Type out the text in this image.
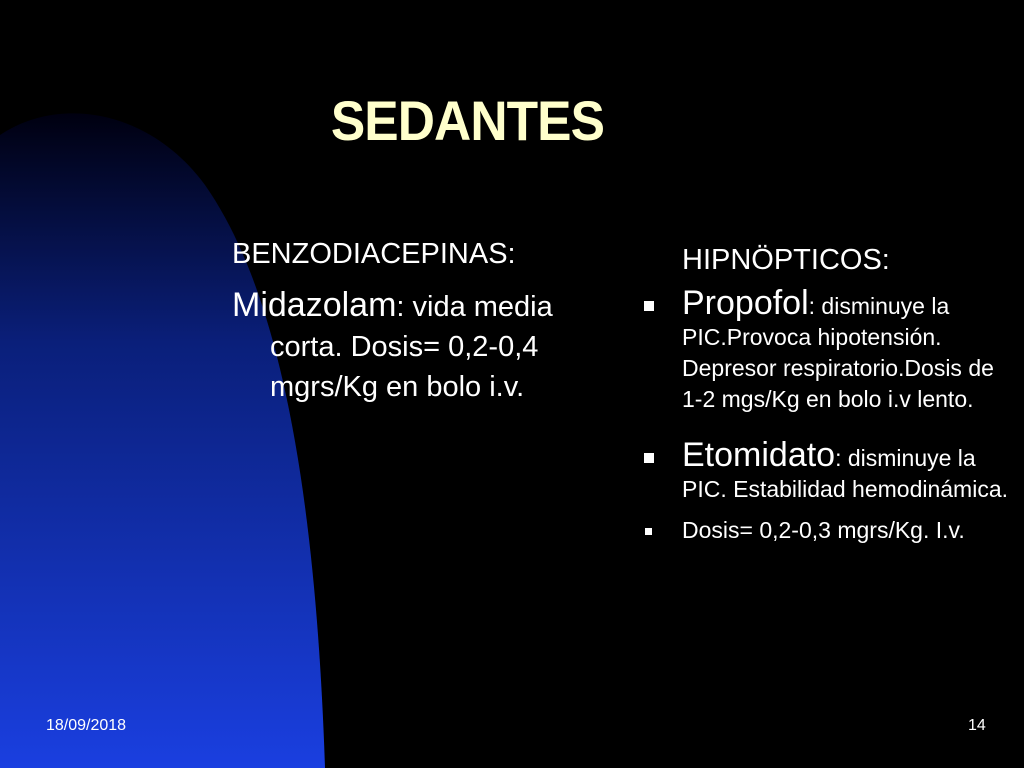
SEDANTES
BENZODIACEPINAS:
Midazolam: vida media corta. Dosis= 0,2-0,4 mgrs/Kg en bolo i.v.
HIPNÖPTICOS:
Propofol: disminuye la PIC.Provoca hipotensión. Depresor respiratorio.Dosis de 1-2 mgs/Kg en bolo i.v lento.
Etomidato: disminuye la PIC. Estabilidad hemodinámica.
Dosis= 0,2-0,3 mgrs/Kg. I.v.
18/09/2018	14
